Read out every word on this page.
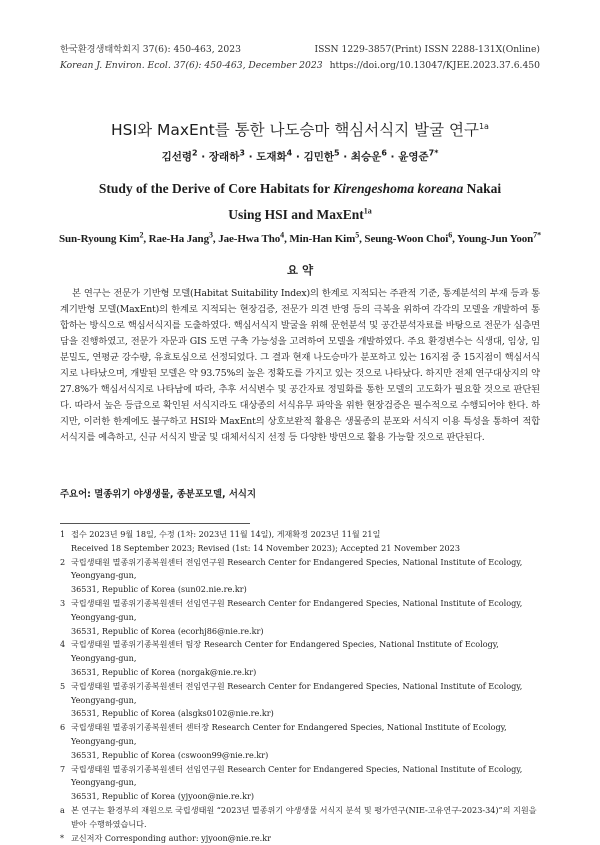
한국환경생태학회지 37(6): 450-463, 2023
Korean J. Environ. Ecol. 37(6): 450-463, December 2023
ISSN 1229-3857(Print) ISSN 2288-131X(Online)
https://doi.org/10.13047/KJEE.2023.37.6.450
HSI와 MaxEnt를 통한 나도승마 핵심서식지 발굴 연구$^{1a}$
김선령$^2$ · 장래하$^3$ · 도재화$^4$ · 김민한$^5$ · 최승운$^6$ · 윤영준$^{7*}$
Study of the Derive of Core Habitats for Kirengeshoma koreana Nakai
Using HSI and MaxEnt$^{1a}$
Sun-Ryoung Kim$^2$, Rae-Ha Jang$^3$, Jae-Hwa Tho$^4$, Min-Han Kim$^5$, Seung-Woon Choi$^6$, Young-Jun Yoon$^{7*}$
요 약
본 연구는 전문가 기반형 모델(Habitat Suitability Index)의 한계로 지적되는 주관적 기준, 통계분석의 부재 등과 통계기반형 모델(MaxEnt)의 한계로 지적되는 현장검증, 전문가 의견 반영 등의 극복을 위하여 각각의 모델을 개발하여 통합하는 방식으로 핵심서식지를 도출하였다. 핵심서식지 발굴을 위해 문헌분석 및 공간분석자료를 바탕으로 전문가 심층면담을 진행하였고, 전문가 자문과 GIS 도면 구축 가능성을 고려하여 모델을 개발하였다. 주요 환경변수는 식생대, 임상, 임분밀도, 연평균 강수량, 유효토심으로 선정되었다. 그 결과 현재 나도승마가 분포하고 있는 16지점 중 15지점이 핵심서식지로 나타났으며, 개발된 모델은 약 93.75%의 높은 정확도를 가지고 있는 것으로 나타났다. 하지만 전체 연구대상지의 약 27.8%가 핵심서식지로 나타남에 따라, 추후 서식변수 및 공간자료 정밀화를 통한 모델의 고도화가 필요할 것으로 판단된다. 따라서 높은 등급으로 확인된 서식지라도 대상종의 서식유무 파악을 위한 현장검증은 필수적으로 수행되어야 한다. 하지만, 이러한 한계에도 불구하고 HSI와 MaxEnt의 상호보완적 활용은 생물종의 분포와 서식지 이용 특성을 통하여 적합 서식지를 예측하고, 신규 서식지 발굴 및 대체서식지 선정 등 다양한 방면으로 활용 가능할 것으로 판단된다.
주요어: 멸종위기 야생생물, 종분포모델, 서식지
1 접수 2023년 9월 18일, 수정 (1차: 2023년 11월 14일), 게재확정 2023년 11월 21일
Received 18 September 2023; Revised (1st: 14 November 2023); Accepted 21 November 2023
2 국립생태원 멸종위기종복원센터 전임연구원 Research Center for Endangered Species, National Institute of Ecology, Yeongyang-gun,
36531, Republic of Korea (sun02.nie.re.kr)
3 국립생태원 멸종위기종복원센터 선임연구원 Research Center for Endangered Species, National Institute of Ecology, Yeongyang-gun,
36531, Republic of Korea (ecorhj86@nie.re.kr)
4 국립생태원 멸종위기종복원센터 팀장 Research Center for Endangered Species, National Institute of Ecology, Yeongyang-gun,
36531, Republic of Korea (norgak@nie.re.kr)
5 국립생태원 멸종위기종복원센터 전임연구원 Research Center for Endangered Species, National Institute of Ecology, Yeongyang-gun,
36531, Republic of Korea (alsgks0102@nie.re.kr)
6 국립생태원 멸종위기종복원센터 센터장 Research Center for Endangered Species, National Institute of Ecology, Yeongyang-gun,
36531, Republic of Korea (cswoon99@nie.re.kr)
7 국립생태원 멸종위기종복원센터 선임연구원 Research Center for Endangered Species, National Institute of Ecology, Yeongyang-gun,
36531, Republic of Korea (yjyoon@nie.re.kr)
a 본 연구는 환경부의 재원으로 국립생태원 “2023년 멸종위기 야생생물 서식지 분석 및 평가연구(NIE-고유연구-2023-34)”의 지원을
받아 수행하였습니다.
* 교신저자 Corresponding author: yjyoon@nie.re.kr
